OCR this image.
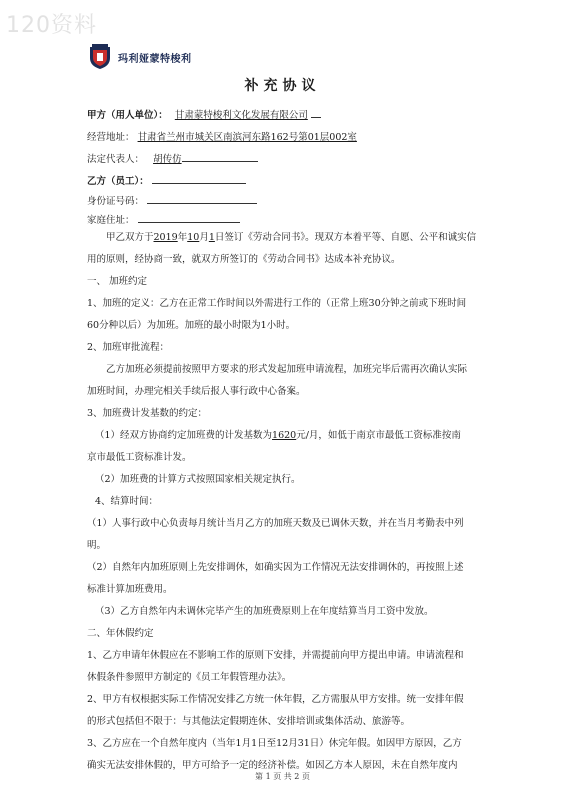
120资料
玛利娅蒙特梭利
补充协议
甲方（用人单位）： 甘肃蒙特梭利文化发展有限公司
经营地址： 甘肃省兰州市城关区南滨河东路162号第01层002室
法定代表人： 胡传仿
乙方（员工）：
身份证号码：
家庭住址：
甲乙双方于2019年10月1日签订《劳动合同书》。现双方本着平等、自愿、公平和诚实信
用的原则，经协商一致，就双方所签订的《劳动合同书》达成本补充协议。
一、 加班约定
1、加班的定义：乙方在正常工作时间以外需进行工作的（正常上班30分钟之前或下班时间
60分种以后）为加班。加班的最小时限为1小时。
2、加班审批流程：
乙方加班必须提前按照甲方要求的形式发起加班申请流程，加班完毕后需再次确认实际
加班时间，办理完相关手续后报人事行政中心备案。
3、加班费计发基数的约定：
（1）经双方协商约定加班费的计发基数为1620元/月，如低于南京市最低工资标准按南
京市最低工资标准计发。
（2）加班费的计算方式按照国家相关规定执行。
4、结算时间：
（1）人事行政中心负责每月统计当月乙方的加班天数及已调休天数，并在当月考勤表中列
明。
（2）自然年内加班原则上先安排调休，如确实因为工作情况无法安排调休的，再按照上述
标准计算加班费用。
（3）乙方自然年内未调休完毕产生的加班费原则上在年度结算当月工资中发放。
二、年休假约定
1、乙方申请年休假应在不影响工作的原则下安排，并需提前向甲方提出申请。申请流程和
休假条件参照甲方制定的《员工年假管理办法》。
2、甲方有权根据实际工作情况安排乙方统一休年假，乙方需服从甲方安排。统一安排年假
的形式包括但不限于：与其他法定假期连休、安排培训或集体活动、旅游等。
3、乙方应在一个自然年度内（当年1月1日至12月31日）休完年假。如因甲方原因，乙方
确实无法安排休假的，甲方可给予一定的经济补偿。如因乙方本人原因，未在自然年度内
第 1 页 共 2 页
